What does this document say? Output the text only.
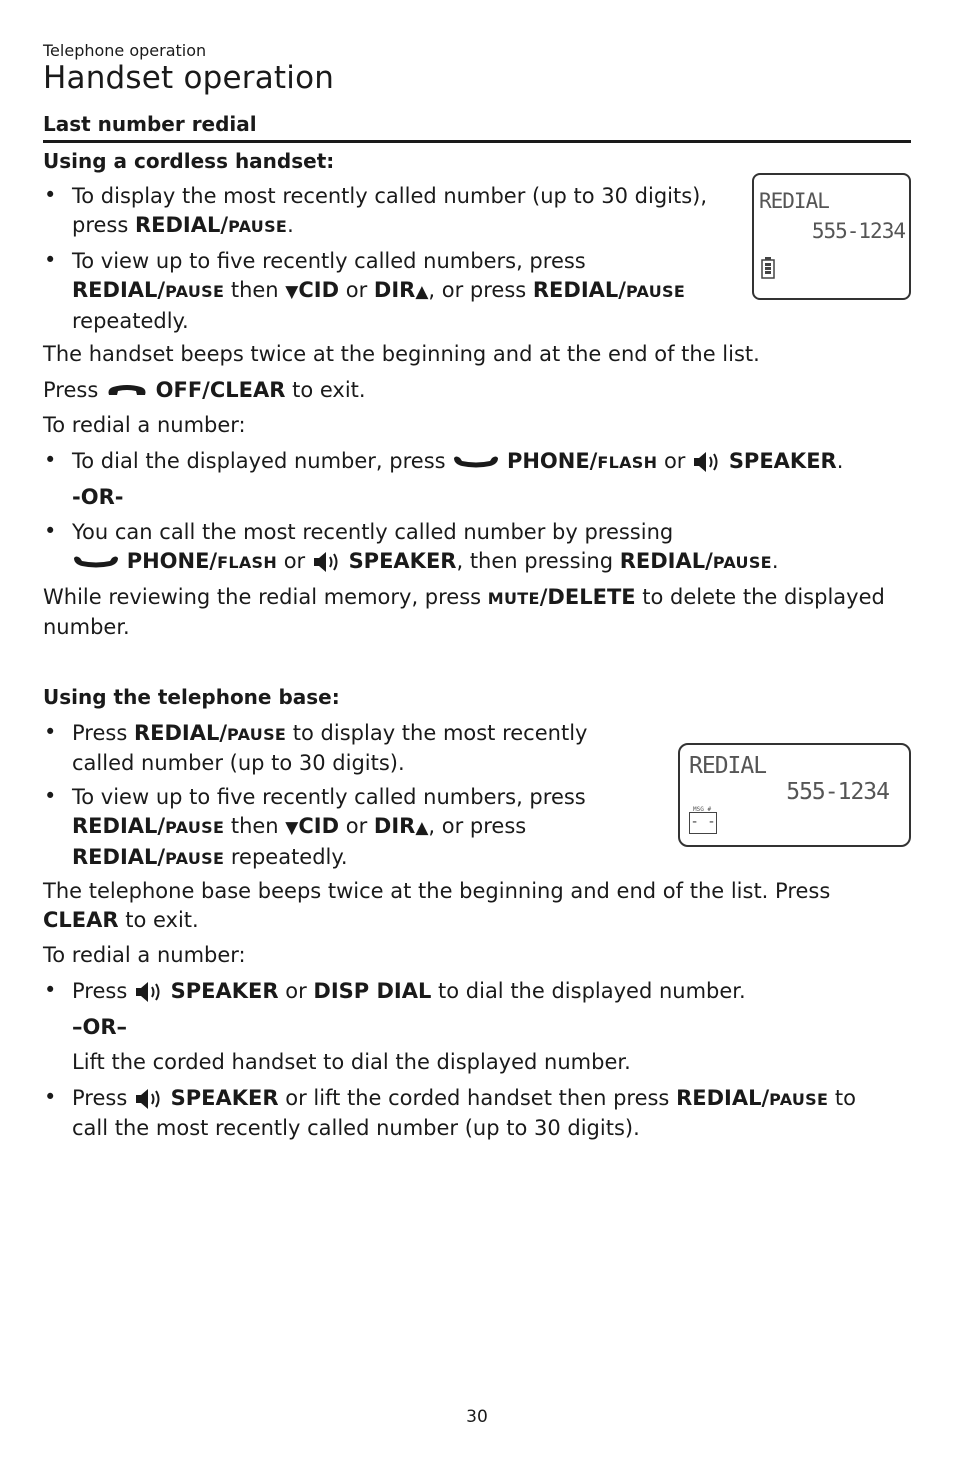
Telephone operation
Handset operation
Last number redial
Using a cordless handset:
• To display the most recently called number (up to 30 digits),
press REDIAL/PAUSE.
• To view up to five recently called numbers, press
REDIAL/PAUSE then ▼CID or DIR▲, or press REDIAL/PAUSE
repeatedly.
REDIAL
555-1234
The handset beeps twice at the beginning and at the end of the list.
Press  OFF/CLEAR to exit.
To redial a number:
• To dial the displayed number, press	PHONE/FLASH or  SPEAKER.
-OR-
• You can call the most recently called number by pressing
PHONE/FLASH or  SPEAKER, then pressing REDIAL/PAUSE.
While reviewing the redial memory, press MUTE/DELETE to delete the displayed
number.
Using the telephone base:
• Press REDIAL/PAUSE to display the most recently
called number (up to 30 digits).
• To view up to five recently called numbers, press
REDIAL/PAUSE then ▼CID or DIR▲, or press
REDIAL/PAUSE repeatedly.
REDIAL
555-1234
MSG #
- -
The telephone base beeps twice at the beginning and end of the list. Press
CLEAR to exit.
To redial a number:
• Press  SPEAKER or DISP DIAL to dial the displayed number.
–OR–
Lift the corded handset to dial the displayed number.
• Press  SPEAKER or lift the corded handset then press REDIAL/PAUSE to
call the most recently called number (up to 30 digits).
30
